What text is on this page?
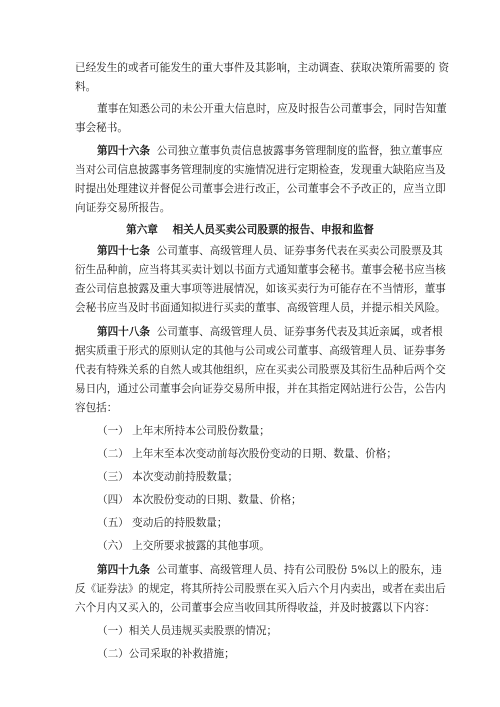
已经发生的或者可能发生的重大事件及其影响，主动调查、获取决策所需要的 资
料。
董事在知悉公司的未公开重大信息时，应及时报告公司董事会，同时告知董
事会秘书。
第四十六条 公司独立董事负责信息披露事务管理制度的监督，独立董事应
当对公司信息披露事务管理制度的实施情况进行定期检查，发现重大缺陷应当及
时提出处理建议并督促公司董事会进行改正，公司董事会不予改正的，应当立即
向证券交易所报告。
第六章 相关人员买卖公司股票的报告、申报和监督
第四十七条 公司董事、高级管理人员、证券事务代表在买卖公司股票及其
衍生品种前，应当将其买卖计划以书面方式通知董事会秘书。董事会秘书应当核
查公司信息披露及重大事项等进展情况，如该买卖行为可能存在不当情形，董事
会秘书应当及时书面通知拟进行买卖的董事、高级管理人员，并提示相关风险。
第四十八条 公司董事、高级管理人员、证券事务代表及其近亲属，或者根
据实质重于形式的原则认定的其他与公司或公司董事、高级管理人员、证券事务
代表有特殊关系的自然人或其他组织，应在买卖公司股票及其衍生品种后两个交
易日内，通过公司董事会向证券交易所申报，并在其指定网站进行公告，公告内
容包括：
（一） 上年末所持本公司股份数量；
（二） 上年末至本次变动前每次股份变动的日期、数量、价格；
（三） 本次变动前持股数量；
（四） 本次股份变动的日期、数量、价格；
（五） 变动后的持股数量；
（六） 上交所要求披露的其他事项。
第四十九条 公司董事、高级管理人员、持有公司股份 5%以上的股东，违
反《证券法》的规定，将其所持公司股票在买入后六个月内卖出，或者在卖出后
六个月内又买入的，公司董事会应当收回其所得收益，并及时披露以下内容：
（一）相关人员违规买卖股票的情况；
（二）公司采取的补救措施；
